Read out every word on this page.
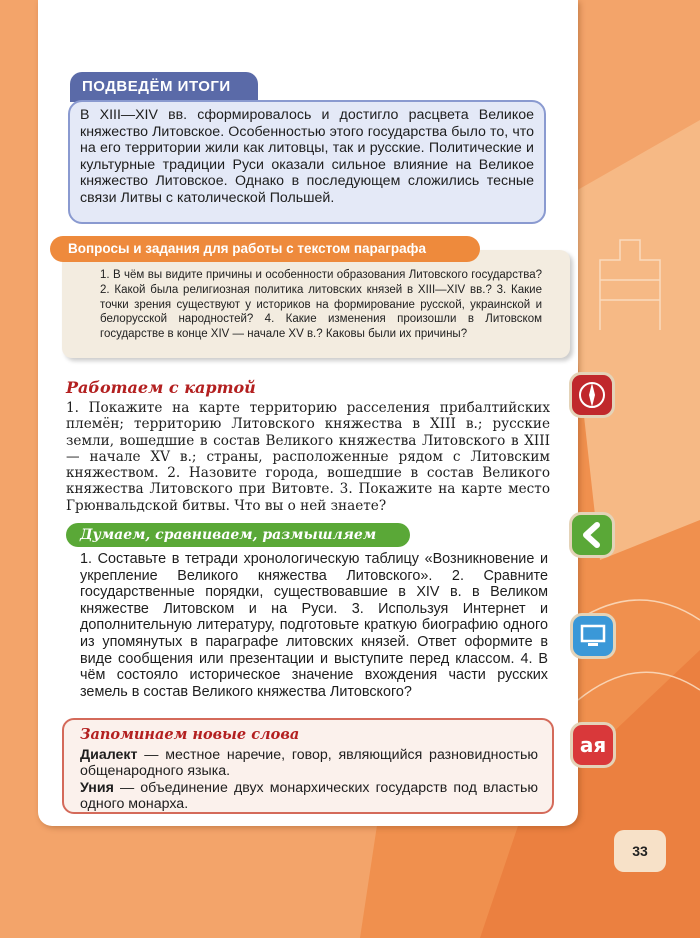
ПОДВЕДЁМ ИТОГИ
В XIII—XIV вв. сформировалось и достигло расцвета Великое княжество Литовское. Особенностью этого государства было то, что на его территории жили как литовцы, так и русские. Политические и культурные традиции Руси оказали сильное влияние на Великое княжество Литовское. Однако в последующем сложились тесные связи Литвы с католической Польшей.
1. В чём вы видите причины и особенности образования Литовского государства? 2. Какой была религиозная политика литовских князей в XIII—XIV вв.? 3. Какие точки зрения существуют у историков на формирование русской, украинской и белорусской народностей? 4. Какие изменения произошли в Литовском государстве в конце XIV — начале XV в.? Каковы были их причины?
Вопросы и задания для работы с текстом параграфа
Работаем с картой
1. Покажите на карте территорию расселения прибалтийских племён; территорию Литовского княжества в XIII в.; русские земли, вошедшие в состав Великого княжества Литовского в XIII — начале XV в.; страны, расположенные рядом с Литовским княжеством. 2. Назовите города, вошедшие в состав Великого княжества Литовского при Витовте. 3. Покажите на карте место Грюнвальдской битвы. Что вы о ней знаете?
Думаем, сравниваем, размышляем
1. Составьте в тетради хронологическую таблицу «Возникновение и укрепление Великого княжества Литовского». 2. Сравните государственные порядки, существовавшие в XIV в. в Великом княжестве Литовском и на Руси. 3. Используя Интернет и дополнительную литературу, подготовьте краткую биографию одного из упомянутых в параграфе литовских князей. Ответ оформите в виде сообщения или презентации и выступите перед классом. 4. В чём состояло историческое значение вхождения части русских земель в состав Великого княжества Литовского?
Запоминаем новые слова
Диалект — местное наречие, говор, являющийся разновидностью общенародного языка.
Уния — объединение двух монархических государств под властью одного монарха.
ая
33
